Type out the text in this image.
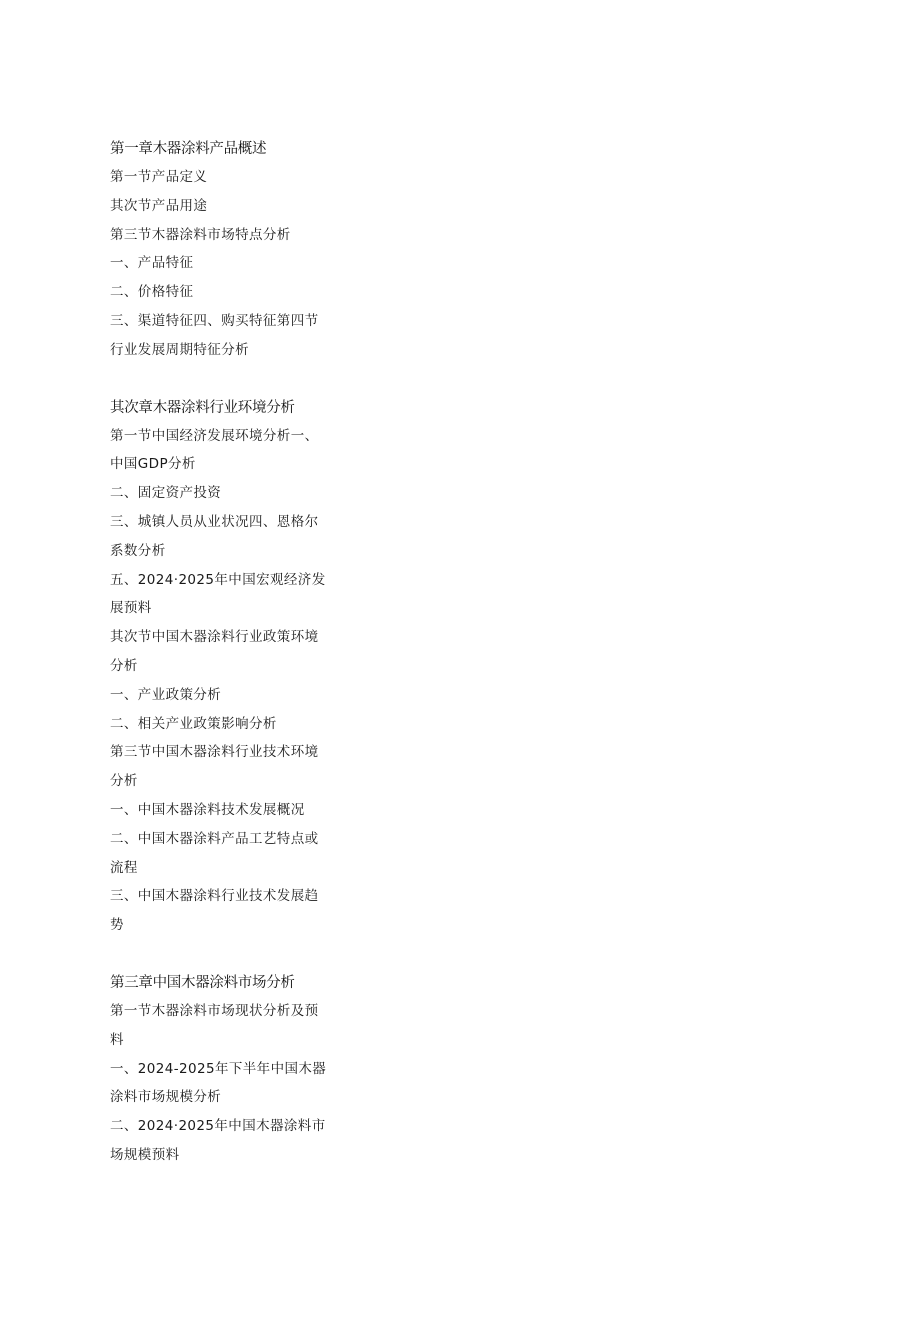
第一章木器涂料产品概述

第一节产品定义

其次节产品用途

第三节木器涂料市场特点分析

一、产品特征

二、价格特征

三、渠道特征四、购买特征第四节

行业发展周期特征分析

其次章木器涂料行业环境分析

第一节中国经济发展环境分析一、

中国GDP分析

二、固定资产投资

三、城镇人员从业状况四、恩格尔

系数分析

五、2024·2025年中国宏观经济发

展预料

其次节中国木器涂料行业政策环境

分析

一、产业政策分析

二、相关产业政策影响分析

第三节中国木器涂料行业技术环境

分析

一、中国木器涂料技术发展概况

二、中国木器涂料产品工艺特点或

流程

三、中国木器涂料行业技术发展趋

势

第三章中国木器涂料市场分析

第一节木器涂料市场现状分析及预

料

一、2024-2025年下半年中国木器

涂料市场规模分析

二、2024·2025年中国木器涂料市

场规模预料
